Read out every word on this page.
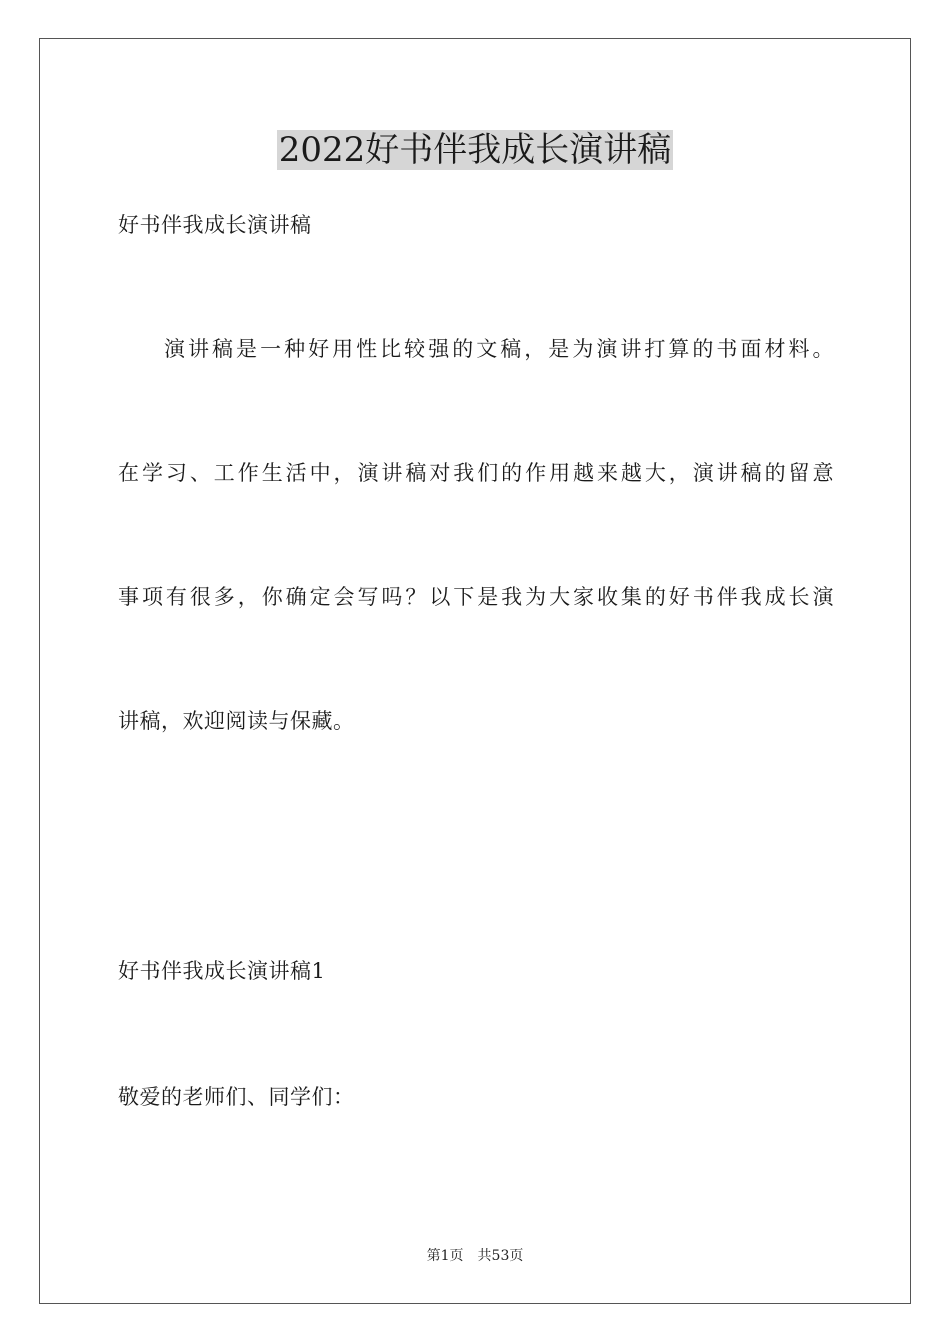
2022好书伴我成长演讲稿

好书伴我成长演讲稿

演讲稿是一种好用性比较强的文稿，是为演讲打算的书面材料。

在学习、工作生活中，演讲稿对我们的作用越来越大，演讲稿的留意

事项有很多，你确定会写吗？以下是我为大家收集的好书伴我成长演

讲稿，欢迎阅读与保藏。

好书伴我成长演讲稿1

敬爱的老师们、同学们：

第1页 共53页
